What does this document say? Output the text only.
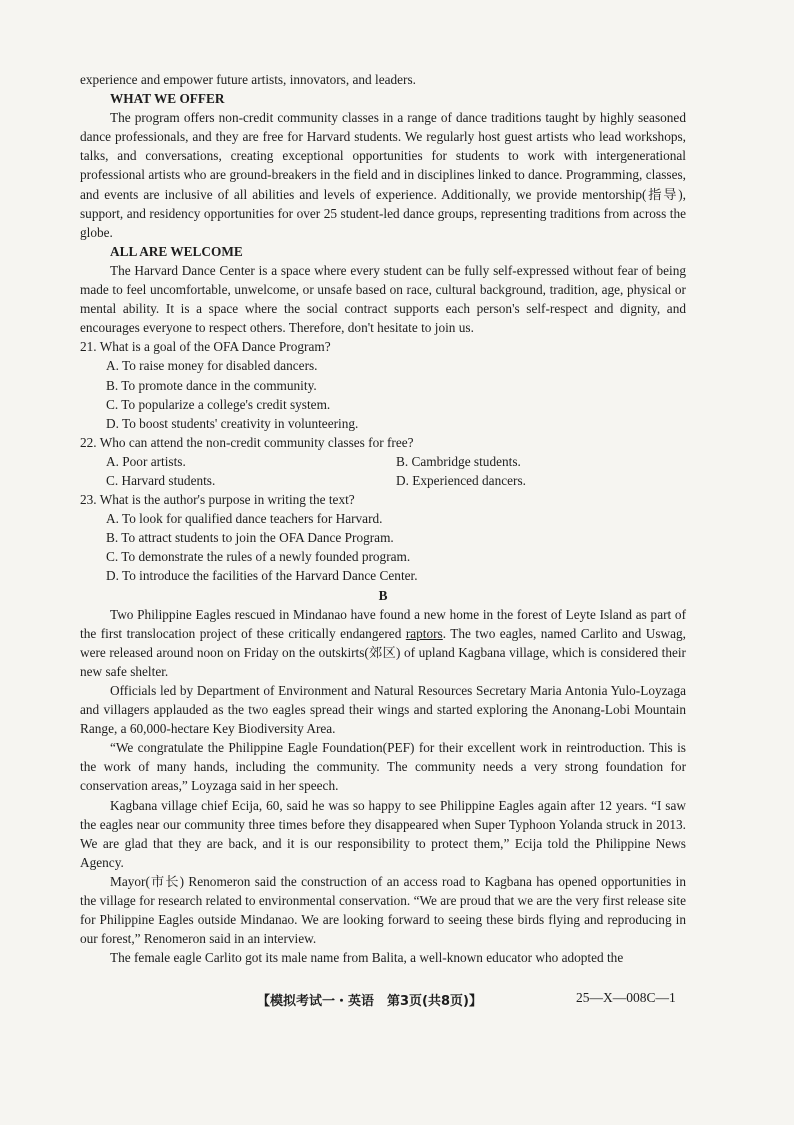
experience and empower future artists, innovators, and leaders.

WHAT WE OFFER

The program offers non-credit community classes in a range of dance traditions taught by highly seasoned dance professionals, and they are free for Harvard students. We regularly host guest artists who lead workshops, talks, and conversations, creating exceptional opportunities for students to work with intergenerational professional artists who are ground-breakers in the field and in disciplines linked to dance. Programming, classes, and events are inclusive of all abilities and levels of experience. Additionally, we provide mentorship(指导), support, and residency opportunities for over 25 student-led dance groups, representing traditions from across the globe.

ALL ARE WELCOME

The Harvard Dance Center is a space where every student can be fully self-expressed without fear of being made to feel uncomfortable, unwelcome, or unsafe based on race, cultural background, tradition, age, physical or mental ability. It is a space where the social contract supports each person's self-respect and dignity, and encourages everyone to respect others. Therefore, don't hesitate to join us.

21. What is a goal of the OFA Dance Program?

A. To raise money for disabled dancers.

B. To promote dance in the community.

C. To popularize a college's credit system.

D. To boost students' creativity in volunteering.

22. Who can attend the non-credit community classes for free?

A. Poor artists.	B. Cambridge students.
C. Harvard students.	D. Experienced dancers.

23. What is the author's purpose in writing the text?

A. To look for qualified dance teachers for Harvard.

B. To attract students to join the OFA Dance Program.

C. To demonstrate the rules of a newly founded program.

D. To introduce the facilities of the Harvard Dance Center.

B

Two Philippine Eagles rescued in Mindanao have found a new home in the forest of Leyte Island as part of the first translocation project of these critically endangered raptors. The two eagles, named Carlito and Uswag, were released around noon on Friday on the outskirts(郊区) of upland Kagbana village, which is considered their new safe shelter.

Officials led by Department of Environment and Natural Resources Secretary Maria Antonia Yulo-Loyzaga and villagers applauded as the two eagles spread their wings and started exploring the Anonang-Lobi Mountain Range, a 60,000-hectare Key Biodiversity Area.

“We congratulate the Philippine Eagle Foundation(PEF) for their excellent work in reintroduction. This is the work of many hands, including the community. The community needs a very strong foundation for conservation areas,” Loyzaga said in her speech.

Kagbana village chief Ecija, 60, said he was so happy to see Philippine Eagles again after 12 years. “I saw the eagles near our community three times before they disappeared when Super Typhoon Yolanda struck in 2013. We are glad that they are back, and it is our responsibility to protect them,” Ecija told the Philippine News Agency.

Mayor(市长) Renomeron said the construction of an access road to Kagbana has opened opportunities in the village for research related to environmental conservation. “We are proud that we are the very first release site for Philippine Eagles outside Mindanao. We are looking forward to seeing these birds flying and reproducing in our forest,” Renomeron said in an interview.

The female eagle Carlito got its male name from Balita, a well-known educator who adopted the

【模拟考试一・英语　第3页(共8页)】	25—X—008C—1
